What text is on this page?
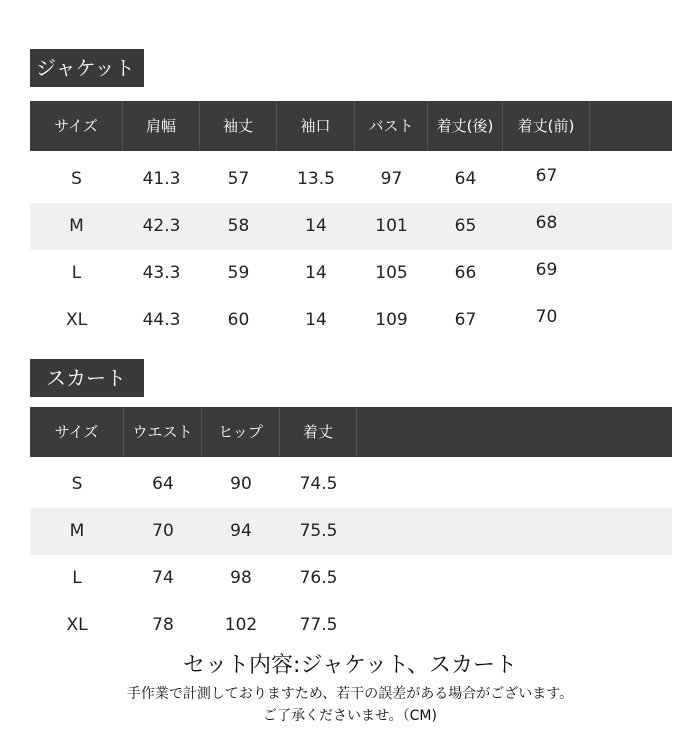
ジャケット
サイズ	肩幅	袖丈	袖口	バスト	着丈(後)	着丈(前)
S	41.3	57	13.5	97	64	67
M	42.3	58	14	101	65	68
L	43.3	59	14	105	66	69
XL	44.3	60	14	109	67	70
スカート
サイズ	ウエスト	ヒップ	着丈
S	64	90	74.5
M	70	94	75.5
L	74	98	76.5
XL	78	102	77.5
セット内容:ジャケット、スカート
手作業で計測しておりますため、若干の誤差がある場合がございます。
ご了承くださいませ。（CM)
